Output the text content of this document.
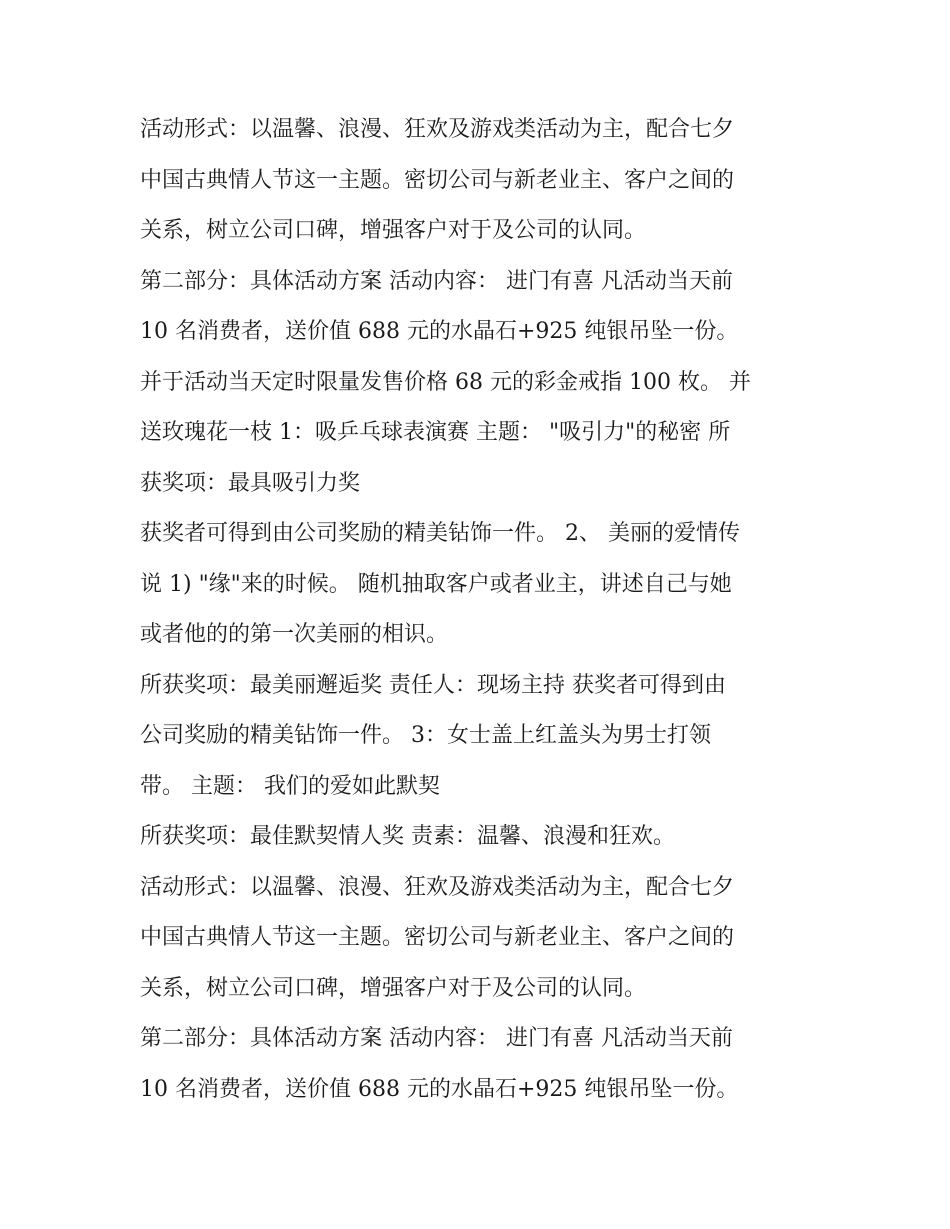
活动形式：以温馨、浪漫、狂欢及游戏类活动为主，配合七夕
中国古典情人节这一主题。密切公司与新老业主、客户之间的
关系，树立公司口碑，增强客户对于及公司的认同。
第二部分：具体活动方案 活动内容： 进门有喜 凡活动当天前
10 名消费者，送价值 688 元的水晶石+925 纯银吊坠一份。
并于活动当天定时限量发售价格 68 元的彩金戒指 100 枚。 并
送玫瑰花一枝 1：吸乒乓球表演赛 主题： "吸引力"的秘密 所
获奖项：最具吸引力奖
获奖者可得到由公司奖励的精美钻饰一件。 2、 美丽的爱情传
说 1) "缘"来的时候。 随机抽取客户或者业主，讲述自己与她
或者他的的第一次美丽的相识。
所获奖项：最美丽邂逅奖 责任人：现场主持 获奖者可得到由
公司奖励的精美钻饰一件。 3：女士盖上红盖头为男士打领
带。 主题： 我们的爱如此默契
所获奖项：最佳默契情人奖 责素：温馨、浪漫和狂欢。
活动形式：以温馨、浪漫、狂欢及游戏类活动为主，配合七夕
中国古典情人节这一主题。密切公司与新老业主、客户之间的
关系，树立公司口碑，增强客户对于及公司的认同。
第二部分：具体活动方案 活动内容： 进门有喜 凡活动当天前
10 名消费者，送价值 688 元的水晶石+925 纯银吊坠一份。
